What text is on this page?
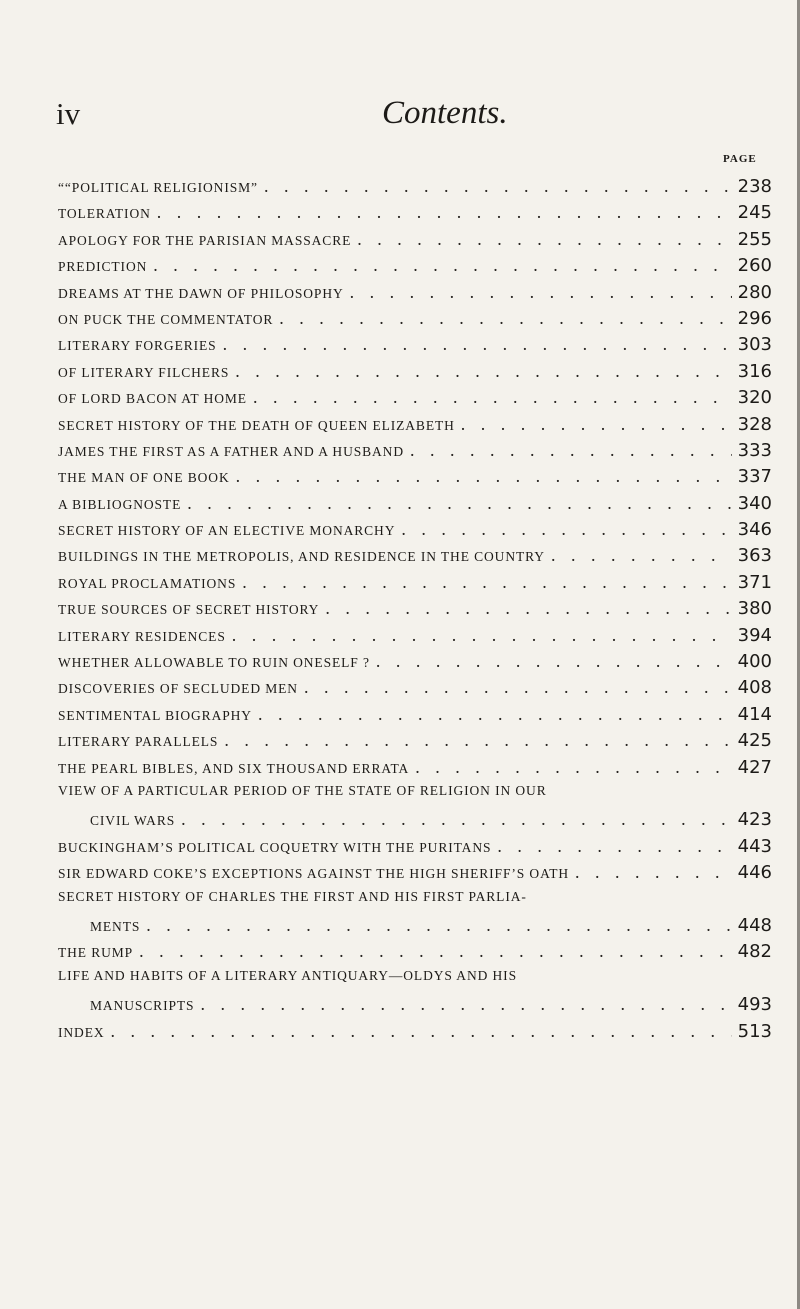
iv	Contents.
PAGE
““POLITICAL RELIGIONISM” . . .	238
TOLERATION . . .	245
APOLOGY FOR THE PARISIAN MASSACRE . . .	255
PREDICTION . . .	260
DREAMS AT THE DAWN OF PHILOSOPHY . . .	280
ON PUCK THE COMMENTATOR . . .	296
LITERARY FORGERIES . . .	303
OF LITERARY FILCHERS . . .	316
OF LORD BACON AT HOME . . .	320
SECRET HISTORY OF THE DEATH OF QUEEN ELIZABETH . . .	328
JAMES THE FIRST AS A FATHER AND A HUSBAND . . .	333
THE MAN OF ONE BOOK . . .	337
A BIBLIOGNOSTE . . .	340
SECRET HISTORY OF AN ELECTIVE MONARCHY . . .	346
BUILDINGS IN THE METROPOLIS, AND RESIDENCE IN THE COUNTRY . . .	363
ROYAL PROCLAMATIONS . . .	371
TRUE SOURCES OF SECRET HISTORY . . .	380
LITERARY RESIDENCES . . .	394
WHETHER ALLOWABLE TO RUIN ONESELF ? . . .	400
DISCOVERIES OF SECLUDED MEN . . .	408
SENTIMENTAL BIOGRAPHY . . .	414
LITERARY PARALLELS . . .	425
THE PEARL BIBLES, AND SIX THOUSAND ERRATA . . .	427
VIEW OF A PARTICULAR PERIOD OF THE STATE OF RELIGION IN OUR
CIVIL WARS . . .	423
BUCKINGHAM’S POLITICAL COQUETRY WITH THE PURITANS . . .	443
SIR EDWARD COKE’S EXCEPTIONS AGAINST THE HIGH SHERIFF’S OATH . . .	446
SECRET HISTORY OF CHARLES THE FIRST AND HIS FIRST PARLIA-
MENTS . . .	448
THE RUMP . . .	482
LIFE AND HABITS OF A LITERARY ANTIQUARY—OLDYS AND HIS
MANUSCRIPTS . . .	493
INDEX . . .	513
